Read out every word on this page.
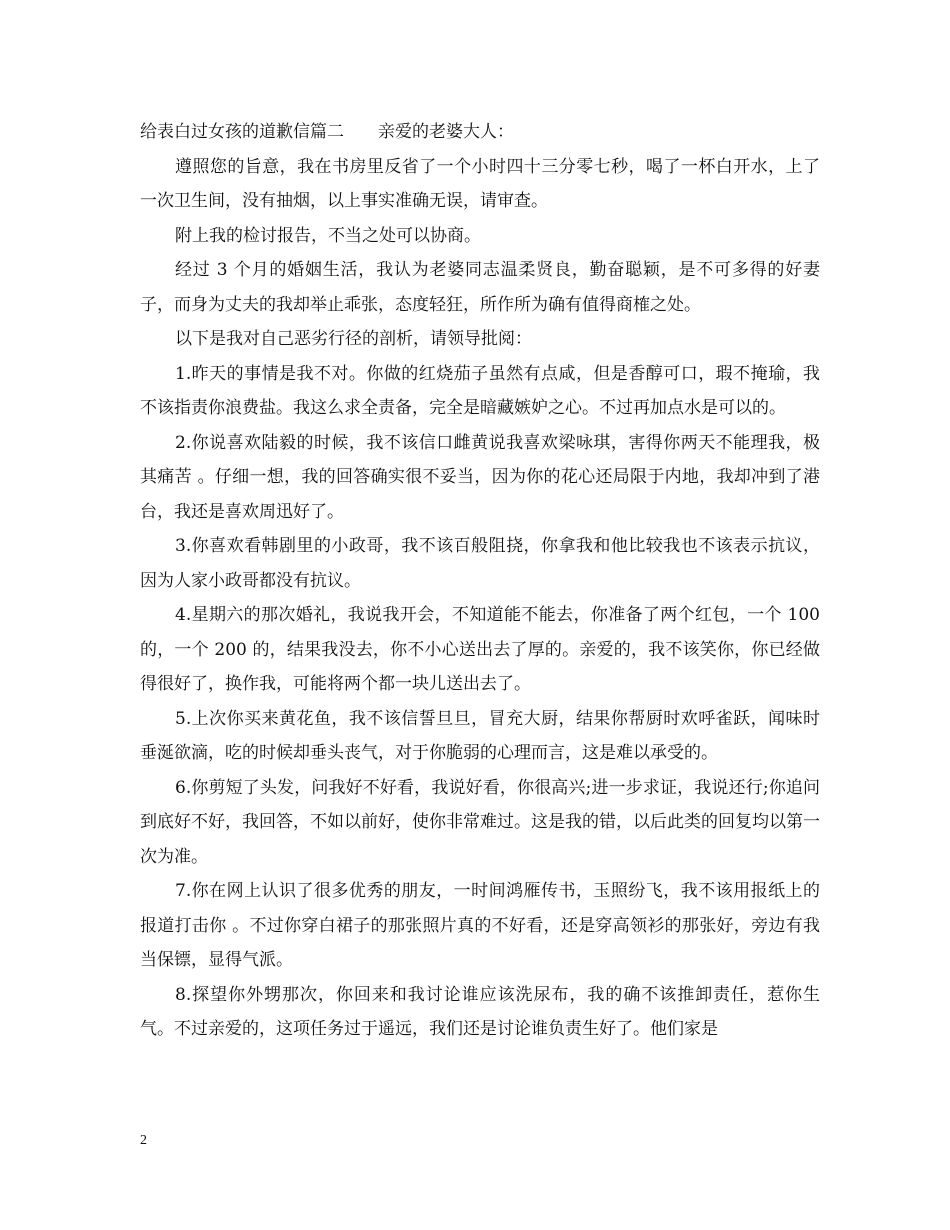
给表白过女孩的道歉信篇二　　亲爱的老婆大人：

遵照您的旨意，我在书房里反省了一个小时四十三分零七秒，喝了一杯白开水，上了一次卫生间，没有抽烟，以上事实准确无误，请审查。

附上我的检讨报告，不当之处可以协商。

经过 3 个月的婚姻生活，我认为老婆同志温柔贤良，勤奋聪颖，是不可多得的好妻子，而身为丈夫的我却举止乖张，态度轻狂，所作所为确有值得商榷之处。

以下是我对自己恶劣行径的剖析，请领导批阅：

1.昨天的事情是我不对。你做的红烧茄子虽然有点咸，但是香醇可口，瑕不掩瑜，我不该指责你浪费盐。我这么求全责备，完全是暗藏嫉妒之心。不过再加点水是可以的。

2.你说喜欢陆毅的时候，我不该信口雌黄说我喜欢梁咏琪，害得你两天不能理我，极其痛苦 。仔细一想，我的回答确实很不妥当，因为你的花心还局限于内地，我却冲到了港台，我还是喜欢周迅好了。

3.你喜欢看韩剧里的小政哥，我不该百般阻挠，你拿我和他比较我也不该表示抗议，因为人家小政哥都没有抗议。

4.星期六的那次婚礼，我说我开会，不知道能不能去，你准备了两个红包，一个 100 的，一个 200 的，结果我没去，你不小心送出去了厚的。亲爱的，我不该笑你，你已经做得很好了，换作我，可能将两个都一块儿送出去了。

5.上次你买来黄花鱼，我不该信誓旦旦，冒充大厨，结果你帮厨时欢呼雀跃，闻味时垂涎欲滴，吃的时候却垂头丧气，对于你脆弱的心理而言，这是难以承受的。

6.你剪短了头发，问我好不好看，我说好看，你很高兴;进一步求证，我说还行;你追问到底好不好，我回答，不如以前好，使你非常难过。这是我的错，以后此类的回复均以第一次为准。

7.你在网上认识了很多优秀的朋友，一时间鸿雁传书，玉照纷飞，我不该用报纸上的报道打击你 。不过你穿白裙子的那张照片真的不好看，还是穿高领衫的那张好，旁边有我当保镖，显得气派。

8.探望你外甥那次，你回来和我讨论谁应该洗尿布，我的确不该推卸责任，惹你生气。不过亲爱的，这项任务过于遥远，我们还是讨论谁负责生好了。他们家是

2
